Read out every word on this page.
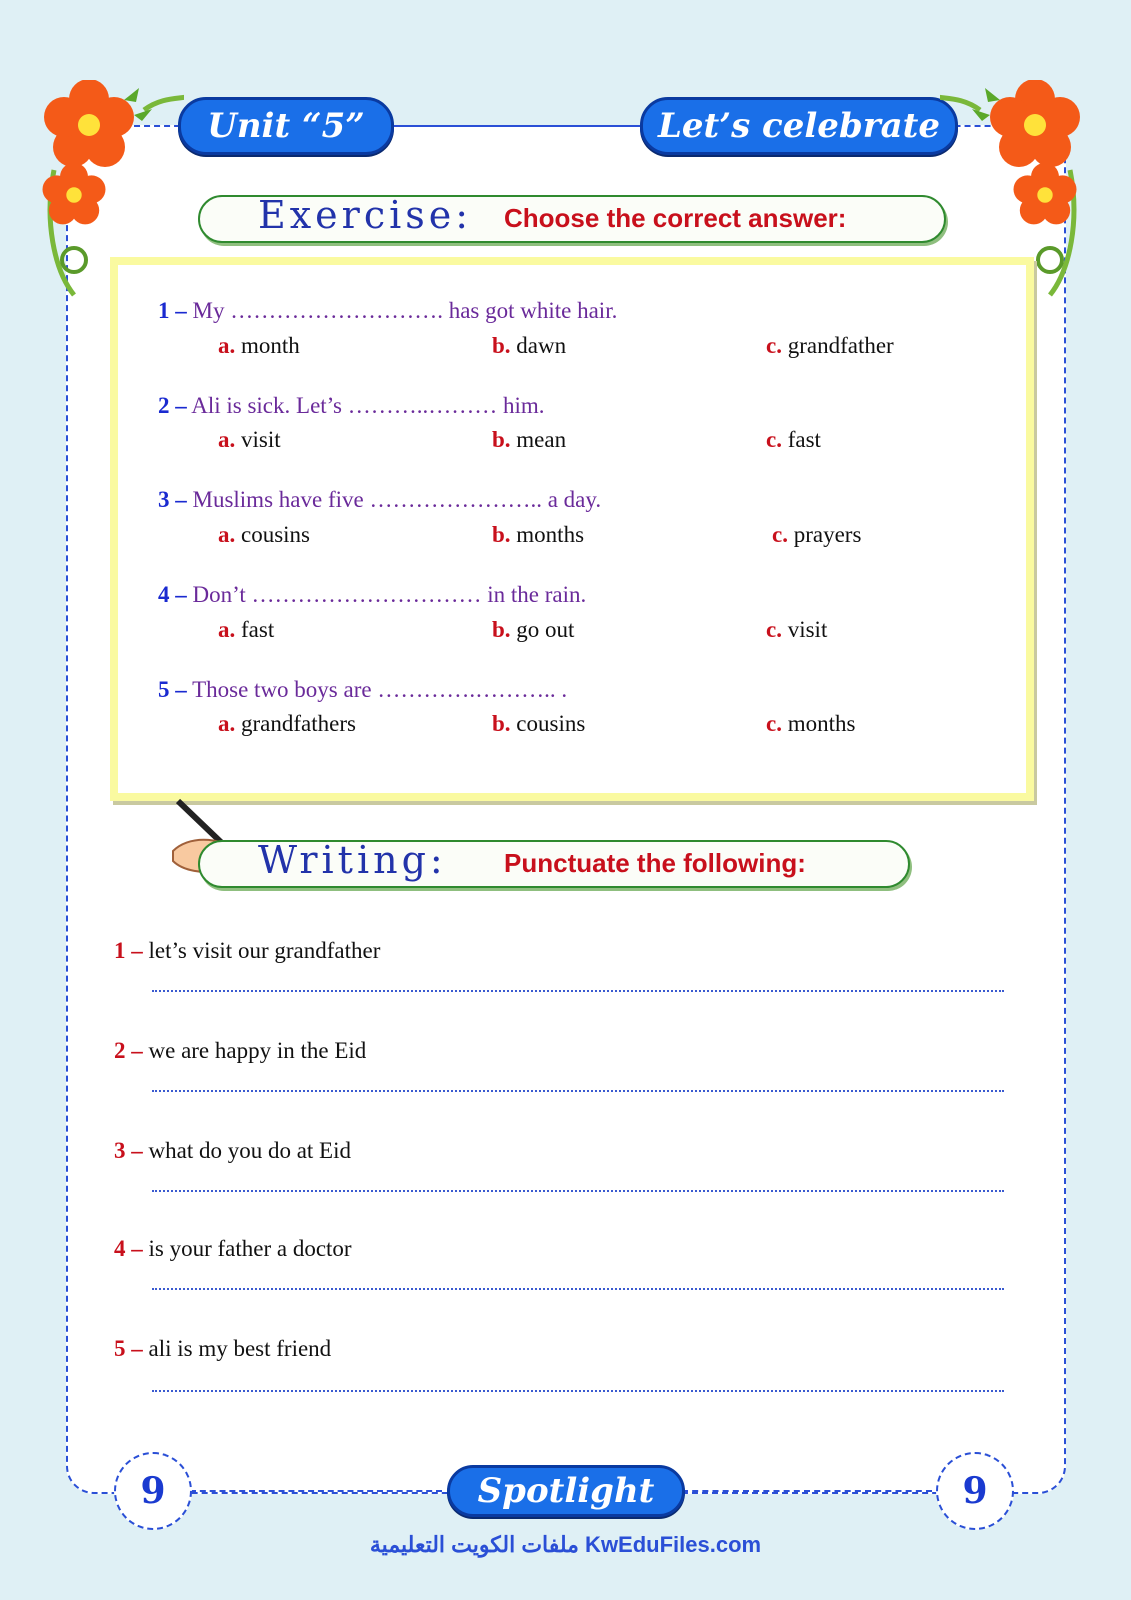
Unit “5”	Let’s celebrate
Exercise: Choose the correct answer:
1 – My ………………………. has got white hair.
a. month	b. dawn	c. grandfather
2 – Ali is sick. Let’s ………..……… him.
a. visit	b. mean	c. fast
3 – Muslims have five ………………….. a day.
a. cousins	b. months	c. prayers
4 – Don’t ………………………… in the rain.
a. fast	b. go out	c. visit
5 – Those two boys are ………….……….. .
a. grandfathers	b. cousins	c. months
Writing: Punctuate the following:
1 – let’s visit our grandfather
2 – we are happy in the Eid
3 – what do you do at Eid
4 – is your father a doctor
5 – ali is my best friend
9	9
Spotlight
ملفات الكويت التعليمية KwEduFiles.com
